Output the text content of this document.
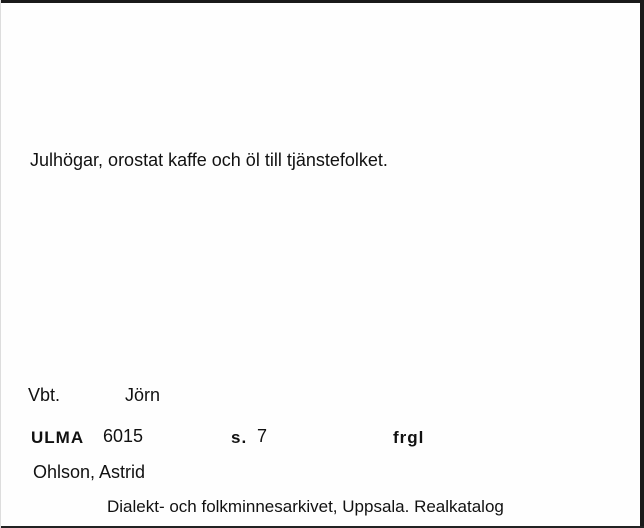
Julhögar, orostat kaffe och öl till tjänstefolket.
Vbt.	Jörn
ULMA 6015	s. 7	frgl
Ohlson, Astrid
Dialekt- och folkminnesarkivet, Uppsala. Realkatalog
